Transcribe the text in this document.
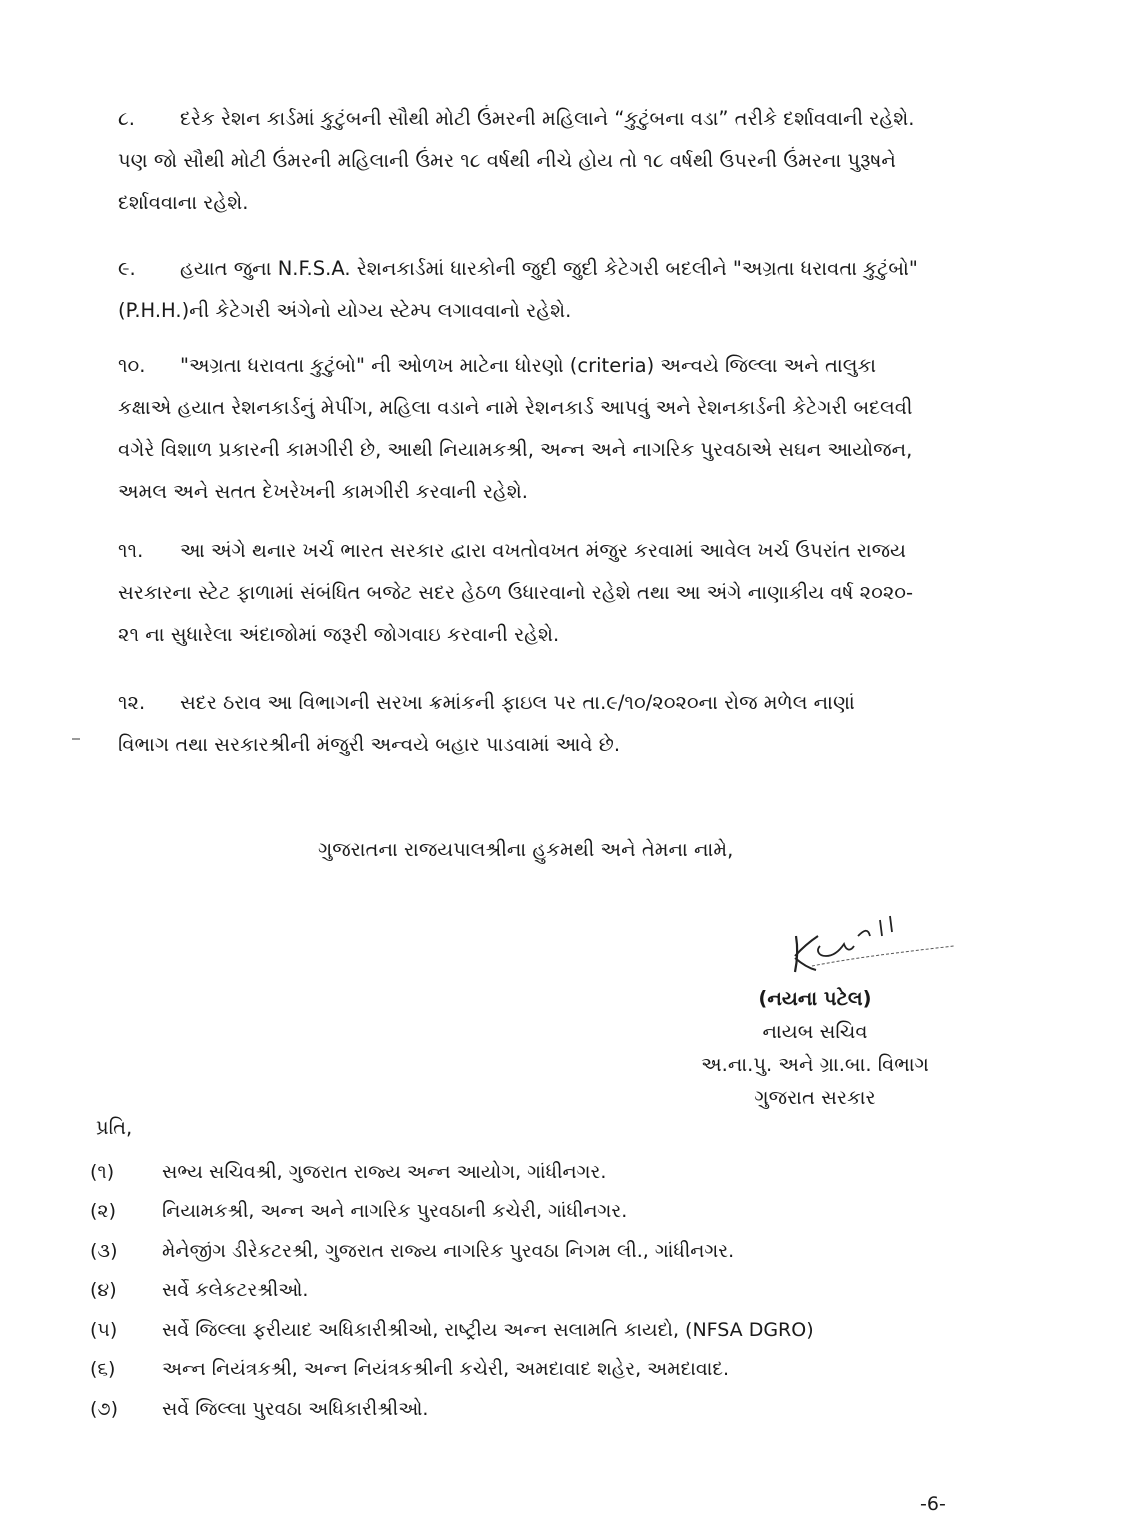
૮.	દરેક રેશન કાર્ડમાં કુટુંબની સૌથી મોટી ઉંમરની મહિલાને “કુટુંબના વડા” તરીકે દર્શાવવાની રહેશે.
પણ જો સૌથી મોટી ઉંમરની મહિલાની ઉંમર ૧૮ વર્ષથી નીચે હોય તો ૧૮ વર્ષથી ઉપરની ઉંમરના પુરૂષને
દર્શાવવાના રહેશે.
૯.	હયાત જુના N.F.S.A. રેશનકાર્ડમાં ધારકોની જુદી જુદી કેટેગરી બદલીને "અગ્રતા ધરાવતા કુટુંબો"
(P.H.H.)ની કેટેગરી અંગેનો યોગ્ય સ્ટેમ્પ લગાવવાનો રહેશે.
૧૦.	"અગ્રતા ધરાવતા કુટુંબો" ની ઓળખ માટેના ધોરણો (criteria) અન્વયે જિલ્લા અને તાલુકા
કક્ષાએ હયાત રેશનકાર્ડનું મેપીંગ, મહિલા વડાને નામે રેશનકાર્ડ આપવું અને રેશનકાર્ડની કેટેગરી બદલવી
વગેરે વિશાળ પ્રકારની કામગીરી છે, આથી નિયામકશ્રી, અન્ન અને નાગરિક પુરવઠાએ સઘન આયોજન,
અમલ અને સતત દેખરેખની કામગીરી કરવાની રહેશે.
૧૧.	આ અંગે થનાર ખર્ચ ભારત સરકાર દ્વારા વખતોવખત મંજુર કરવામાં આવેલ ખર્ચ ઉપરાંત રાજય
સરકારના સ્ટેટ ફાળામાં સંબંધિત બજેટ સદર હેઠળ ઉધારવાનો રહેશે તથા આ અંગે નાણાકીય વર્ષ ૨૦૨૦-
૨૧ ના સુધારેલા અંદાજોમાં જરૂરી જોગવાઇ કરવાની રહેશે.
૧૨.	સદર ઠરાવ આ વિભાગની સરખા ક્રમાંકની ફાઇલ પર તા.૯/૧૦/૨૦૨૦ના રોજ મળેલ નાણાં
વિભાગ તથા સરકારશ્રીની મંજુરી અન્વયે બહાર પાડવામાં આવે છે.
ગુજરાતના રાજયપાલશ્રીના હુકમથી અને તેમના નામે,
(નયના પટેલ)
નાયબ સચિવ
અ.ના.પુ. અને ગ્રા.બા. વિભાગ
ગુજરાત સરકાર
પ્રતિ,
(૧)	સભ્ય સચિવશ્રી, ગુજરાત રાજ્ય અન્ન આયોગ, ગાંધીનગર.
(૨)	નિયામકશ્રી, અન્ન અને નાગરિક પુરવઠાની કચેરી, ગાંધીનગર.
(૩)	મેનેજીંગ ડીરેકટરશ્રી, ગુજરાત રાજ્ય નાગરિક પુરવઠા નિગમ લી., ગાંધીનગર.
(૪)	સર્વે કલેકટરશ્રીઓ.
(૫)	સર્વે જિલ્લા ફરીયાદ અધિકારીશ્રીઓ, રાષ્ટ્રીય અન્ન સલામતિ કાયદો, (NFSA DGRO)
(૬)	અન્ન નિયંત્રકશ્રી, અન્ન નિયંત્રકશ્રીની કચેરી, અમદાવાદ શહેર, અમદાવાદ.
(૭)	સર્વે જિલ્લા પુરવઠા અધિકારીશ્રીઓ.
-6-
